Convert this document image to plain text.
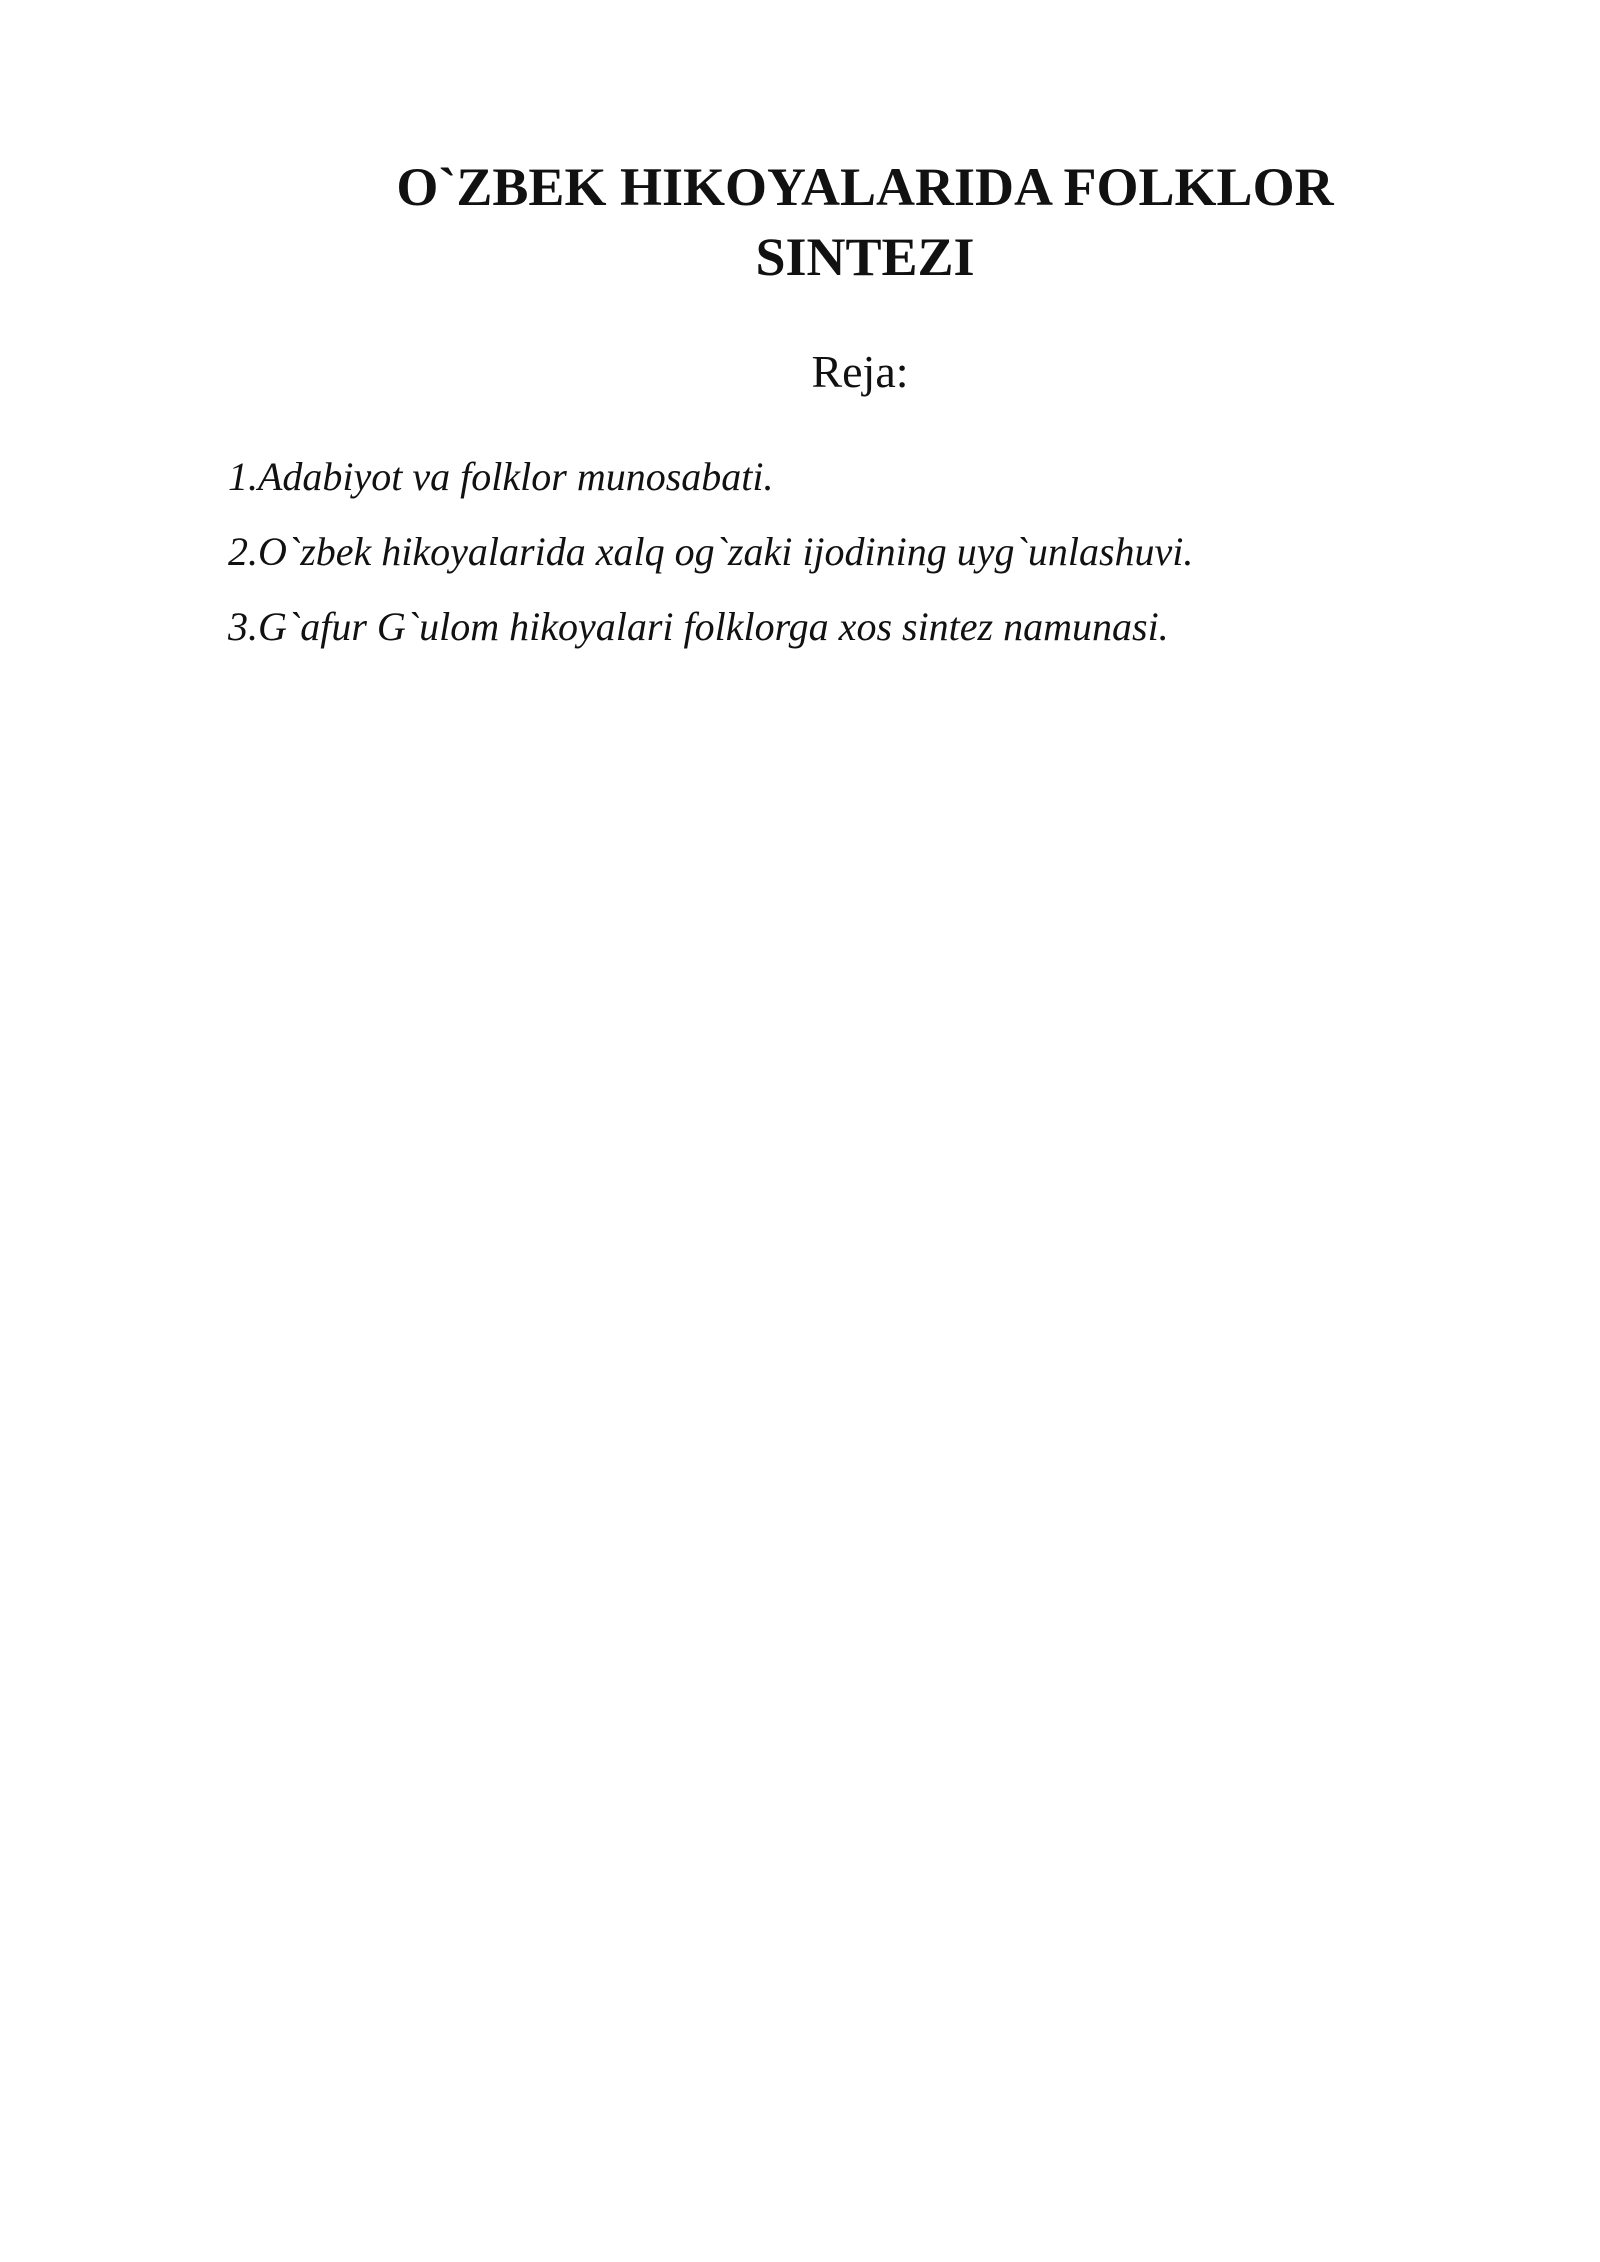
O`ZBEK HIKOYALARIDA FOLKLOR SINTEZI

Reja:

1.Adabiyot va folklor munosabati.
2.O`zbek hikoyalarida xalq og`zaki ijodining uyg`unlashuvi.
3.G`afur G`ulom hikoyalari folklorga xos sintez namunasi.
